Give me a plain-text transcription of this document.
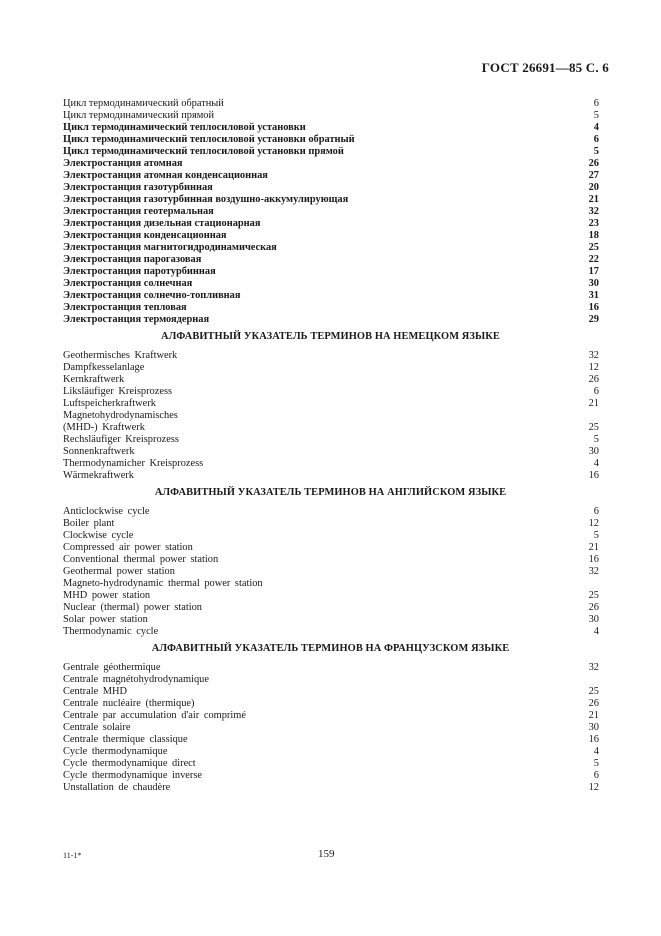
ГОСТ 26691—85 С. 6
Цикл термодинамический обратный	6
Цикл термодинамический прямой	5
Цикл термодинамический теплосиловой установки	4
Цикл термодинамический теплосиловой установки обратный	6
Цикл термодинамический теплосиловой установки прямой	5
Электростанция атомная	26
Электростанция атомная конденсационная	27
Электростанция газотурбинная	20
Электростанция газотурбинная воздушно-аккумулирующая	21
Электростанция геотермальная	32
Электростанция дизельная стационарная	23
Электростанция конденсационная	18
Электростанция магнитогидродинамическая	25
Электростанция парогазовая	22
Электростанция паротурбинная	17
Электростанция солнечная	30
Электростанция солнечно-топливная	31
Электростанция тепловая	16
Электростанция термоядерная	29
АЛФАВИТНЫЙ УКАЗАТЕЛЬ ТЕРМИНОВ НА НЕМЕЦКОМ ЯЗЫКЕ
Geothermisches Kraftwerk	32
Dampfkesselanlage	12
Kernkraftwerk	26
Liksläufiger Kreisprozess	6
Luftspeicherkraftwerk	21
Magnetohydrodynamisches
(MHD-) Kraftwerk	25
Rechsläufiger Kreisprozess	5
Sonnenkraftwerk	30
Thermodynamicher Kreisprozess	4
Wärmekraftwerk	16
АЛФАВИТНЫЙ УКАЗАТЕЛЬ ТЕРМИНОВ НА АНГЛИЙСКОМ ЯЗЫКЕ
Anticlockwise cycle	6
Boiler plant	12
Clockwise cycle	5
Compressed air power station	21
Conventional thermal power station	16
Geothermal power station	32
Magneto-hydrodynamic thermal power station
MHD power station	25
Nuclear (thermal) power station	26
Solar power station	30
Thermodynamic cycle	4
АЛФАВИТНЫЙ УКАЗАТЕЛЬ ТЕРМИНОВ НА ФРАНЦУЗСКОМ ЯЗЫКЕ
Gentrale géothermique	32
Centrale magnétohydrodynamique
Centrale MHD	25
Centrale nucléaire (thermique)	26
Centrale par accumulation d'air comprimé	21
Centrale solaire	30
Centrale thermique classique	16
Cycle thermodynamique	4
Cycle thermodynamique direct	5
Cycle thermodynamique inverse	6
Unstallation de chaudère	12
11-1*	159
